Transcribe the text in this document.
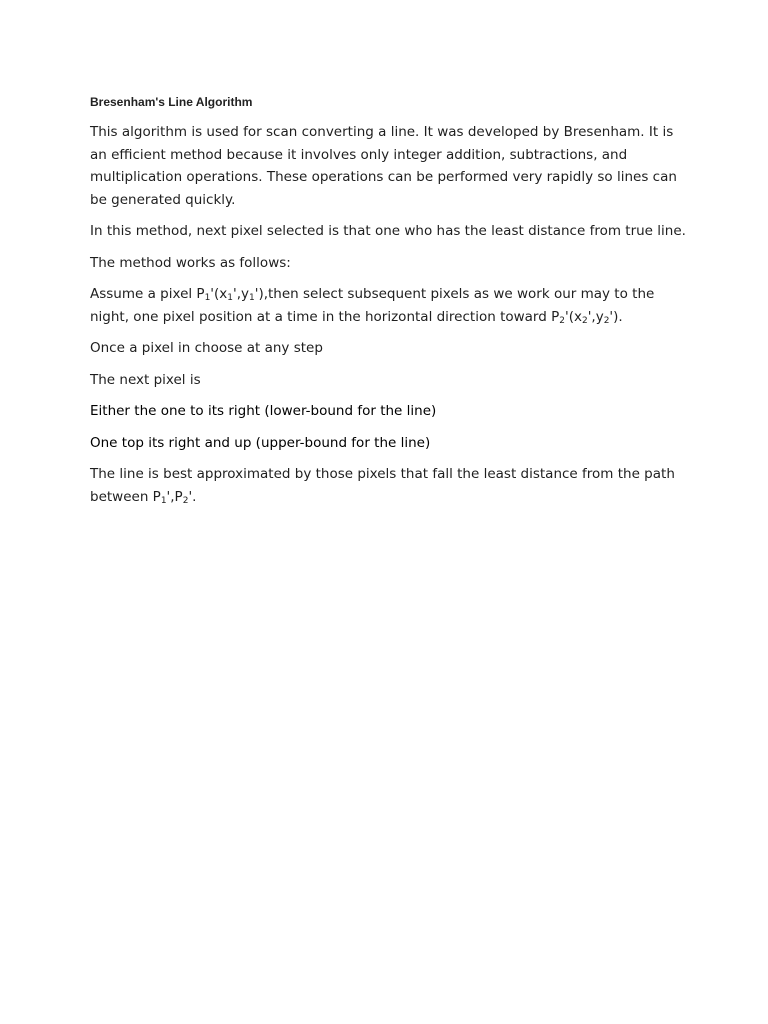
Bresenham's Line Algorithm

This algorithm is used for scan converting a line. It was developed by Bresenham. It is an efficient method because it involves only integer addition, subtractions, and multiplication operations. These operations can be performed very rapidly so lines can be generated quickly.

In this method, next pixel selected is that one who has the least distance from true line.

The method works as follows:

Assume a pixel $P_1'(x_1',y_1'),then$ select subsequent pixels as we work our may to the night, one pixel position at a time in the horizontal direction toward $P_2'(x_2',y_2')$.

Once a pixel in choose at any step

The next pixel is

Either the one to its right (lower-bound for the line)

One top its right and up (upper-bound for the line)

The line is best approximated by those pixels that fall the least distance from the path between $P_1',P_2'$.
